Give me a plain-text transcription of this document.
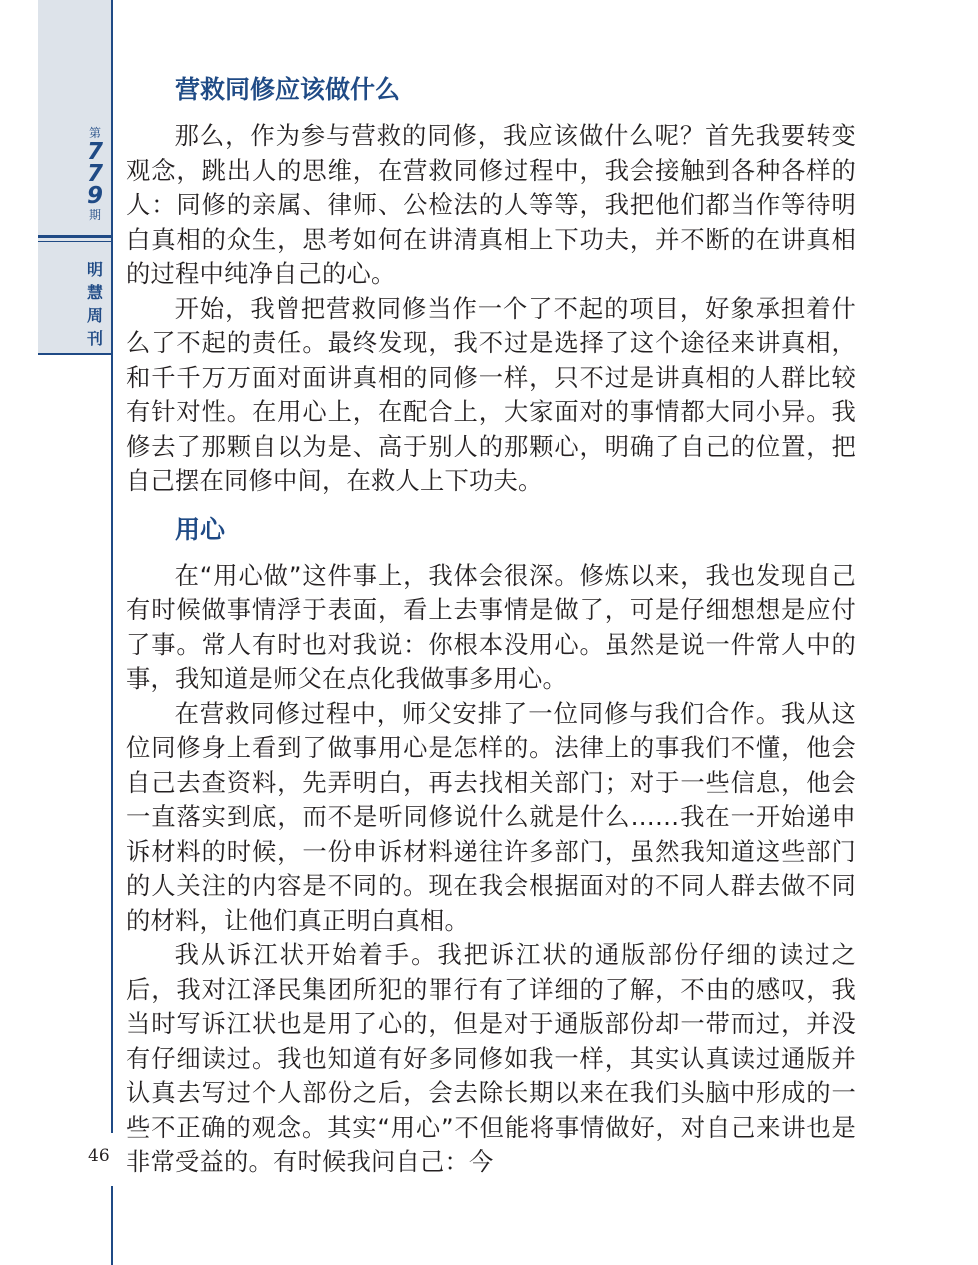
第
7
7
9
期
明
慧
周
刊
46
营救同修应该做什么

那么，作为参与营救的同修，我应该做什么呢？首先我要转变观念，跳出人的思维，在营救同修过程中，我会接触到各种各样的人：同修的亲属、律师、公检法的人等等，我把他们都当作等待明白真相的众生，思考如何在讲清真相上下功夫，并不断的在讲真相的过程中纯净自己的心。

开始，我曾把营救同修当作一个了不起的项目，好象承担着什么了不起的责任。最终发现，我不过是选择了这个途径来讲真相，和千千万万面对面讲真相的同修一样，只不过是讲真相的人群比较有针对性。在用心上，在配合上，大家面对的事情都大同小异。我修去了那颗自以为是、高于别人的那颗心，明确了自己的位置，把自己摆在同修中间，在救人上下功夫。

用心

在“用心做”这件事上，我体会很深。修炼以来，我也发现自己有时候做事情浮于表面，看上去事情是做了，可是仔细想想是应付了事。常人有时也对我说：你根本没用心。虽然是说一件常人中的事，我知道是师父在点化我做事多用心。

在营救同修过程中，师父安排了一位同修与我们合作。我从这位同修身上看到了做事用心是怎样的。法律上的事我们不懂，他会自己去查资料，先弄明白，再去找相关部门；对于一些信息，他会一直落实到底，而不是听同修说什么就是什么……我在一开始递申诉材料的时候，一份申诉材料递往许多部门，虽然我知道这些部门的人关注的内容是不同的。现在我会根据面对的不同人群去做不同的材料，让他们真正明白真相。

我从诉江状开始着手。我把诉江状的通版部份仔细的读过之后，我对江泽民集团所犯的罪行有了详细的了解，不由的感叹，我当时写诉江状也是用了心的，但是对于通版部份却一带而过，并没有仔细读过。我也知道有好多同修如我一样，其实认真读过通版并认真去写过个人部份之后，会去除长期以来在我们头脑中形成的一些不正确的观念。其实“用心”不但能将事情做好，对自己来讲也是非常受益的。有时候我问自己：今
